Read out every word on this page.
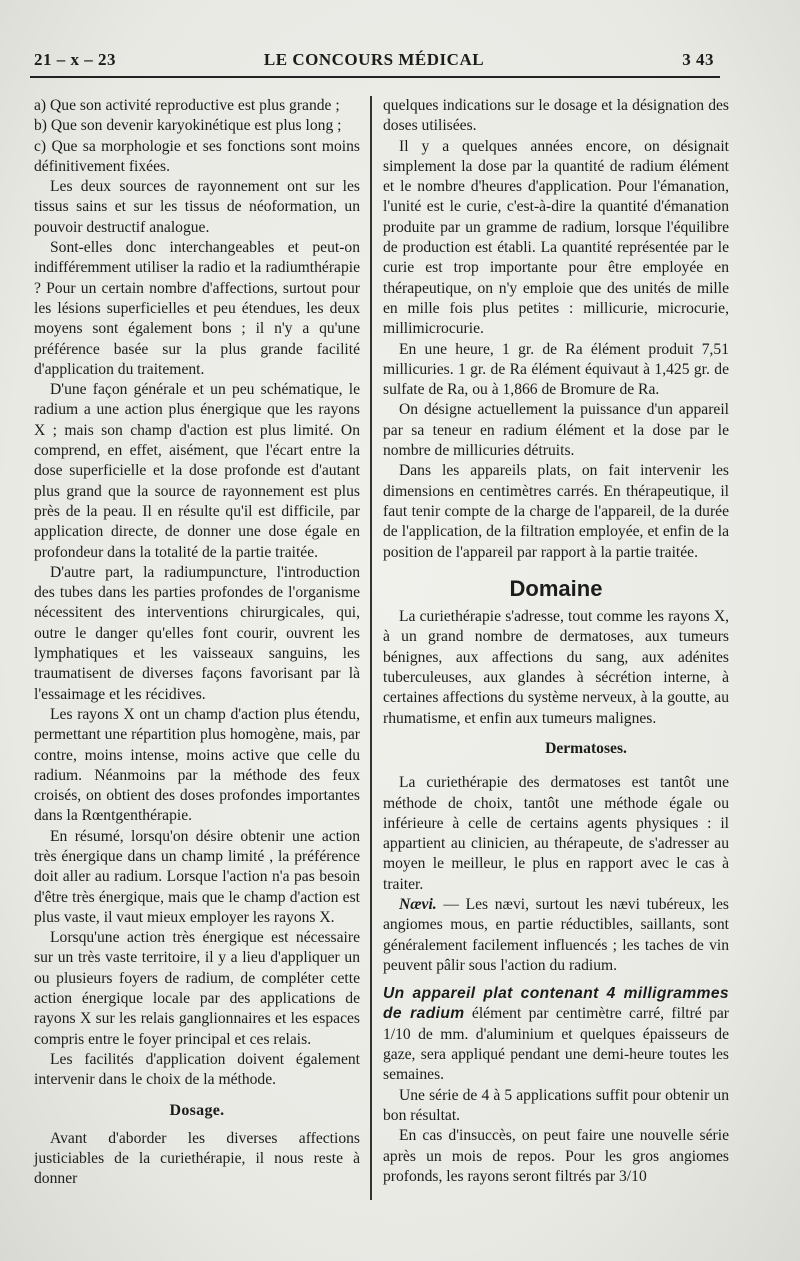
21 – x – 23	LE CONCOURS MÉDICAL	3 43

a) Que son activité reproductive est plus grande ;

b) Que son devenir karyokinétique est plus long ;

c) Que sa morphologie et ses fonctions sont moins définitivement fixées.

Les deux sources de rayonnement ont sur les tissus sains et sur les tissus de néoformation, un pouvoir destructif analogue.

Sont-elles donc interchangeables et peut-on indifféremment utiliser la radio et la radiumthérapie ? Pour un certain nombre d'affections, surtout pour les lésions superficielles et peu étendues, les deux moyens sont également bons ; il n'y a qu'une préférence basée sur la plus grande facilité d'application du traitement.

D'une façon générale et un peu schématique, le radium a une action plus énergique que les rayons X ; mais son champ d'action est plus limité. On comprend, en effet, aisément, que l'écart entre la dose superficielle et la dose profonde est d'autant plus grand que la source de rayonnement est plus près de la peau. Il en résulte qu'il est difficile, par application directe, de donner une dose égale en profondeur dans la totalité de la partie traitée.

D'autre part, la radiumpuncture, l'introduction des tubes dans les parties profondes de l'organisme nécessitent des interventions chirurgicales, qui, outre le danger qu'elles font courir, ouvrent les lymphatiques et les vaisseaux sanguins, les traumatisent de diverses façons favorisant par là l'essaimage et les récidives.

Les rayons X ont un champ d'action plus étendu, permettant une répartition plus homogène, mais, par contre, moins intense, moins active que celle du radium. Néanmoins par la méthode des feux croisés, on obtient des doses profondes importantes dans la Rœntgenthérapie.

En résumé, lorsqu'on désire obtenir une action très énergique dans un champ limité , la préférence doit aller au radium. Lorsque l'action n'a pas besoin d'être très énergique, mais que le champ d'action est plus vaste, il vaut mieux employer les rayons X.

Lorsqu'une action très énergique est nécessaire sur un très vaste territoire, il y a lieu d'appliquer un ou plusieurs foyers de radium, de compléter cette action énergique locale par des applications de rayons X sur les relais ganglionnaires et les espaces compris entre le foyer principal et ces relais.

Les facilités d'application doivent également intervenir dans le choix de la méthode.

Dosage.

Avant d'aborder les diverses affections justiciables de la curiethérapie, il nous reste à donner

quelques indications sur le dosage et la désignation des doses utilisées.

Il y a quelques années encore, on désignait simplement la dose par la quantité de radium élément et le nombre d'heures d'application. Pour l'émanation, l'unité est le curie, c'est-à-dire la quantité d'émanation produite par un gramme de radium, lorsque l'équilibre de production est établi. La quantité représentée par le curie est trop importante pour être employée en thérapeutique, on n'y emploie que des unités de mille en mille fois plus petites : millicurie, microcurie, millimicrocurie.

En une heure, 1 gr. de Ra élément produit 7,51 millicuries. 1 gr. de Ra élément équivaut à 1,425 gr. de sulfate de Ra, ou à 1,866 de Bromure de Ra.

On désigne actuellement la puissance d'un appareil par sa teneur en radium élément et la dose par le nombre de millicuries détruits.

Dans les appareils plats, on fait intervenir les dimensions en centimètres carrés. En thérapeutique, il faut tenir compte de la charge de l'appareil, de la durée de l'application, de la filtration employée, et enfin de la position de l'appareil par rapport à la partie traitée.

Domaine

La curiethérapie s'adresse, tout comme les rayons X, à un grand nombre de dermatoses, aux tumeurs bénignes, aux affections du sang, aux adénites tuberculeuses, aux glandes à sécrétion interne, à certaines affections du système nerveux, à la goutte, au rhumatisme, et enfin aux tumeurs malignes.

Dermatoses.

La curiethérapie des dermatoses est tantôt une méthode de choix, tantôt une méthode égale ou inférieure à celle de certains agents physiques : il appartient au clinicien, au thérapeute, de s'adresser au moyen le meilleur, le plus en rapport avec le cas à traiter.

Nævi. — Les nævi, surtout les nævi tubéreux, les angiomes mous, en partie réductibles, saillants, sont généralement facilement influencés ; les taches de vin peuvent pâlir sous l'action du radium.

Un appareil plat contenant 4 milligrammes de radium élément par centimètre carré, filtré par 1/10 de mm. d'aluminium et quelques épaisseurs de gaze, sera appliqué pendant une demi-heure toutes les semaines.

Une série de 4 à 5 applications suffit pour obtenir un bon résultat.

En cas d'insuccès, on peut faire une nouvelle série après un mois de repos. Pour les gros angiomes profonds, les rayons seront filtrés par 3/10
